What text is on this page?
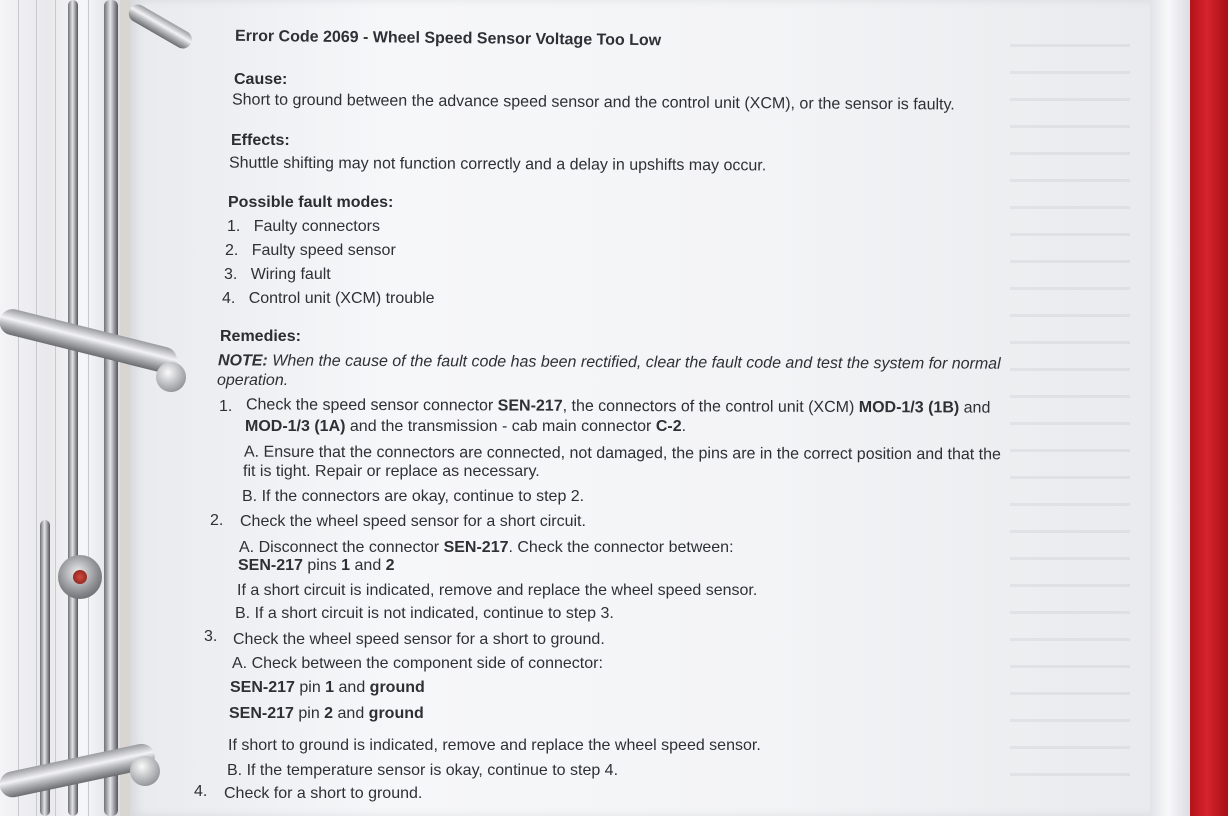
Error Code 2069 - Wheel Speed Sensor Voltage Too Low
Cause:
Short to ground between the advance speed sensor and the control unit (XCM), or the sensor is faulty.
Effects:
Shuttle shifting may not function correctly and a delay in upshifts may occur.
Possible fault modes:
1. Faulty connectors
2. Faulty speed sensor
3. Wiring fault
4. Control unit (XCM) trouble
Remedies:
NOTE: When the cause of the fault code has been rectified, clear the fault code and test the system for normal
operation.
1. Check the speed sensor connector SEN-217, the connectors of the control unit (XCM) MOD-1/3 (1B) and
MOD-1/3 (1A) and the transmission - cab main connector C-2.
A. Ensure that the connectors are connected, not damaged, the pins are in the correct position and that the
fit is tight. Repair or replace as necessary.
B. If the connectors are okay, continue to step 2.
2. Check the wheel speed sensor for a short circuit.
A. Disconnect the connector SEN-217. Check the connector between:
SEN-217 pins 1 and 2
If a short circuit is indicated, remove and replace the wheel speed sensor.
B. If a short circuit is not indicated, continue to step 3.
3. Check the wheel speed sensor for a short to ground.
A. Check between the component side of connector:
SEN-217 pin 1 and ground
SEN-217 pin 2 and ground
If short to ground is indicated, remove and replace the wheel speed sensor.
B. If the temperature sensor is okay, continue to step 4.
4. Check for a short to ground.
